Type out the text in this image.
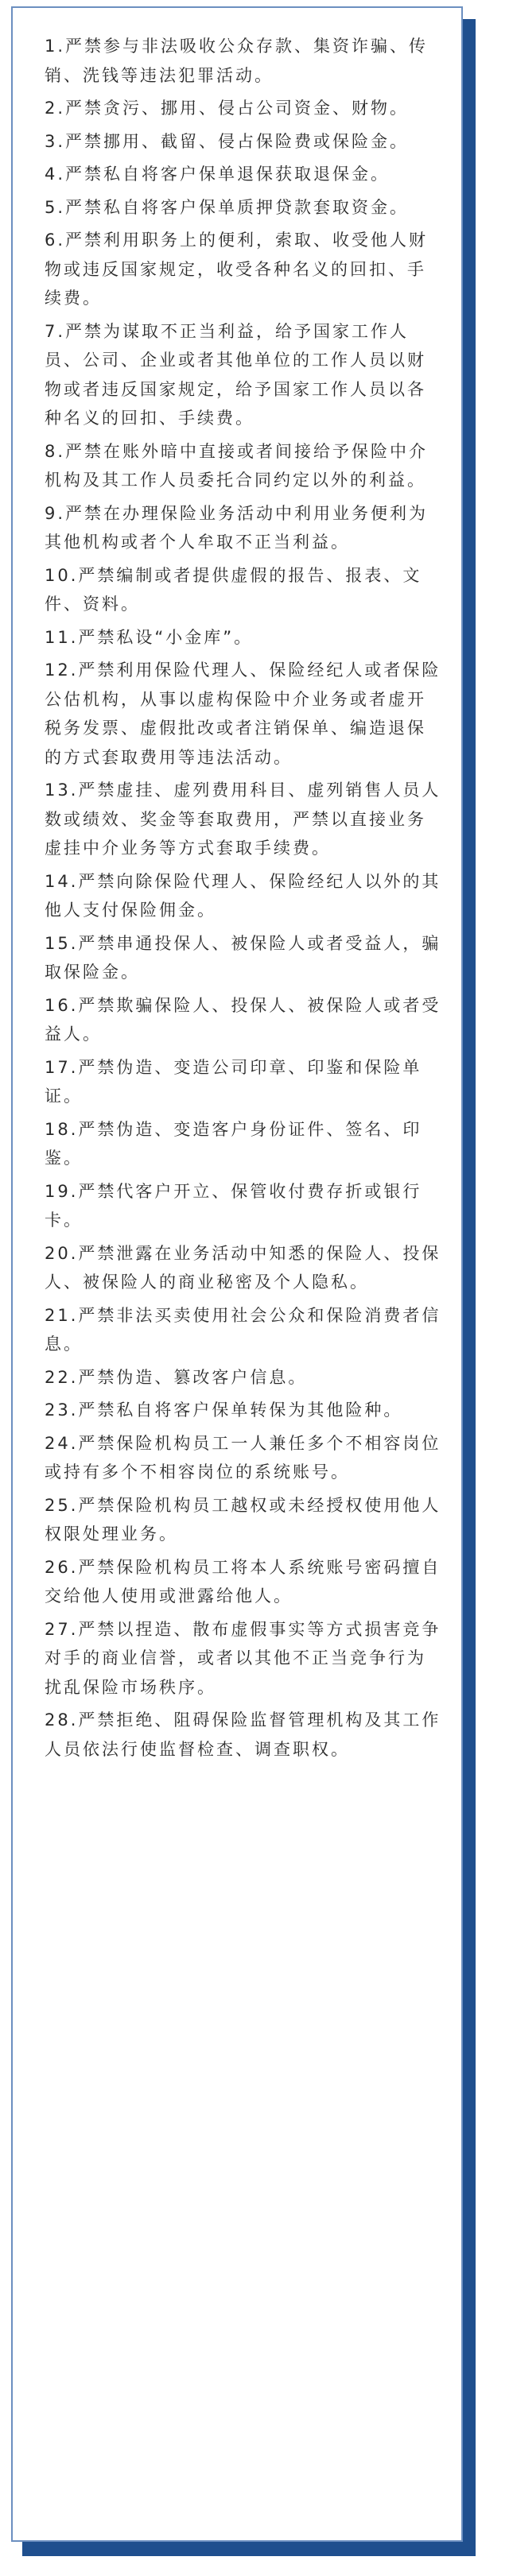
1.严禁参与非法吸收公众存款、集资诈骗、传销、洗钱等违法犯罪活动。

2.严禁贪污、挪用、侵占公司资金、财物。

3.严禁挪用、截留、侵占保险费或保险金。

4.严禁私自将客户保单退保获取退保金。

5.严禁私自将客户保单质押贷款套取资金。

6.严禁利用职务上的便利，索取、收受他人财物或违反国家规定，收受各种名义的回扣、手续费。

7.严禁为谋取不正当利益，给予国家工作人员、公司、企业或者其他单位的工作人员以财物或者违反国家规定，给予国家工作人员以各种名义的回扣、手续费。

8.严禁在账外暗中直接或者间接给予保险中介机构及其工作人员委托合同约定以外的利益。

9.严禁在办理保险业务活动中利用业务便利为其他机构或者个人牟取不正当利益。

10.严禁编制或者提供虚假的报告、报表、文件、资料。

11.严禁私设“小金库”。

12.严禁利用保险代理人、保险经纪人或者保险公估机构，从事以虚构保险中介业务或者虚开税务发票、虚假批改或者注销保单、编造退保的方式套取费用等违法活动。

13.严禁虚挂、虚列费用科目、虚列销售人员人数或绩效、奖金等套取费用，严禁以直接业务虚挂中介业务等方式套取手续费。

14.严禁向除保险代理人、保险经纪人以外的其他人支付保险佣金。

15.严禁串通投保人、被保险人或者受益人，骗取保险金。

16.严禁欺骗保险人、投保人、被保险人或者受益人。

17.严禁伪造、变造公司印章、印鉴和保险单证。

18.严禁伪造、变造客户身份证件、签名、印鉴。

19.严禁代客户开立、保管收付费存折或银行卡。

20.严禁泄露在业务活动中知悉的保险人、投保人、被保险人的商业秘密及个人隐私。

21.严禁非法买卖使用社会公众和保险消费者信息。

22.严禁伪造、篡改客户信息。

23.严禁私自将客户保单转保为其他险种。

24.严禁保险机构员工一人兼任多个不相容岗位或持有多个不相容岗位的系统账号。

25.严禁保险机构员工越权或未经授权使用他人权限处理业务。

26.严禁保险机构员工将本人系统账号密码擅自交给他人使用或泄露给他人。

27.严禁以捏造、散布虚假事实等方式损害竞争对手的商业信誉，或者以其他不正当竞争行为扰乱保险市场秩序。

28.严禁拒绝、阻碍保险监督管理机构及其工作人员依法行使监督检查、调查职权。
